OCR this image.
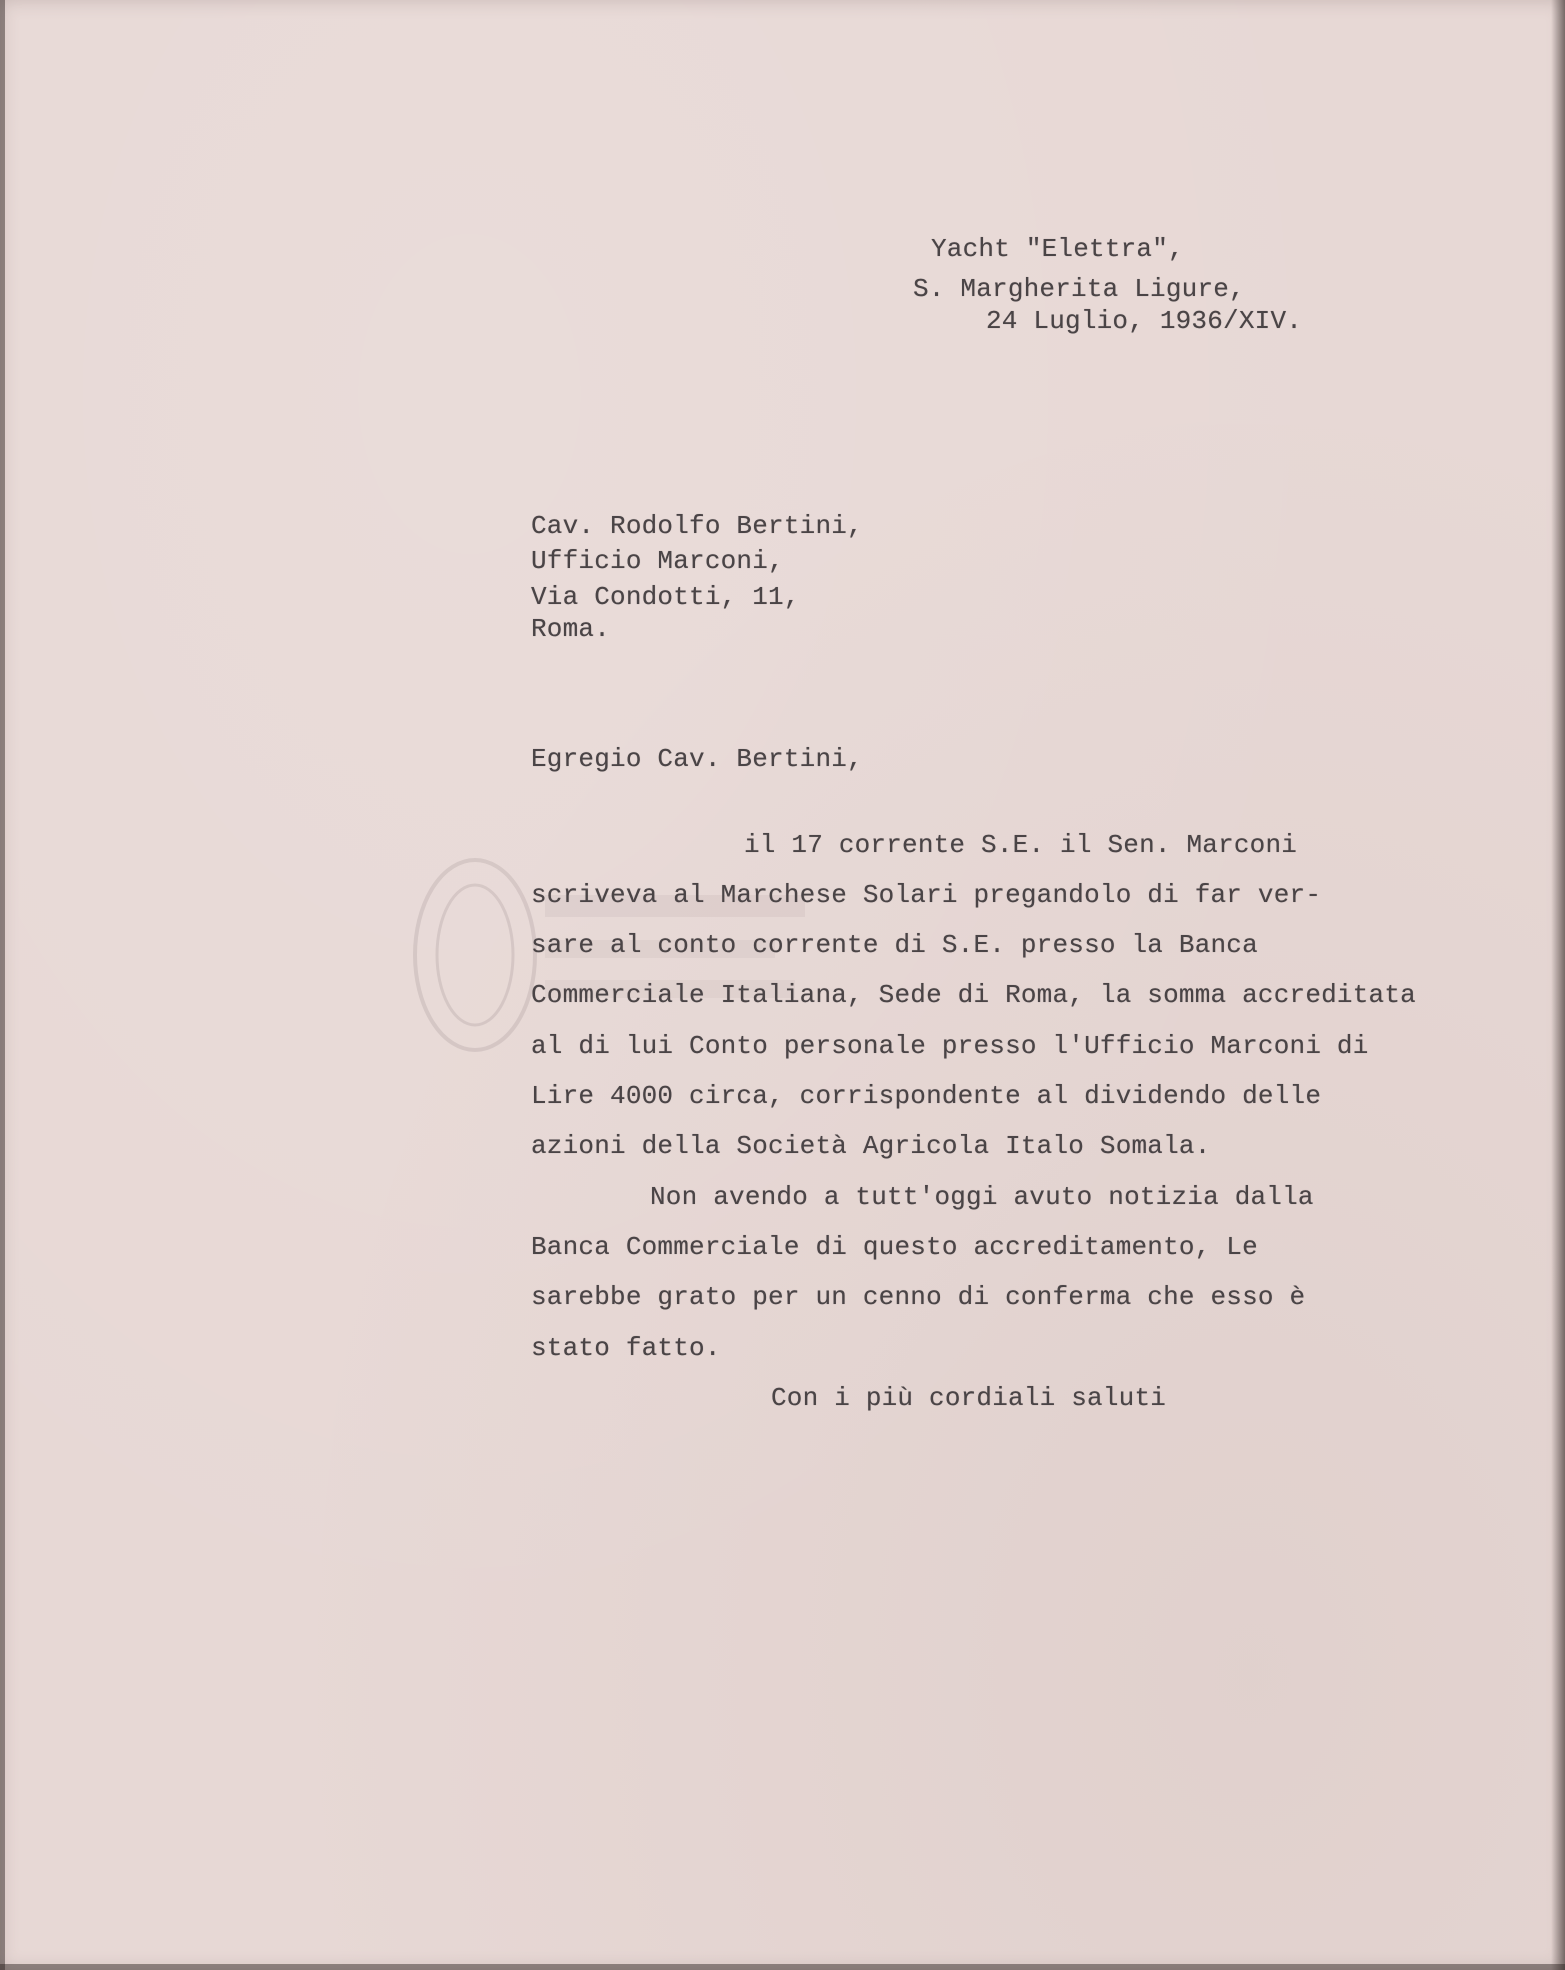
Yacht "Elettra",

S. Margherita Ligure,

24 Luglio, 1936/XIV.

Cav. Rodolfo Bertini,

Ufficio Marconi,

Via Condotti, 11,

Roma.

Egregio Cav. Bertini,

il 17 corrente S.E. il Sen. Marconi

scriveva al Marchese Solari pregandolo di far ver-

sare al conto corrente di S.E. presso la Banca

Commerciale Italiana, Sede di Roma, la somma accreditata

al di lui Conto personale presso l'Ufficio Marconi di

Lire 4000 circa, corrispondente al dividendo delle

azioni della Società Agricola Italo Somala.

Non avendo a tutt'oggi avuto notizia dalla

Banca Commerciale di questo accreditamento, Le

sarebbe grato per un cenno di conferma che esso è

stato fatto.

Con i più cordiali saluti
